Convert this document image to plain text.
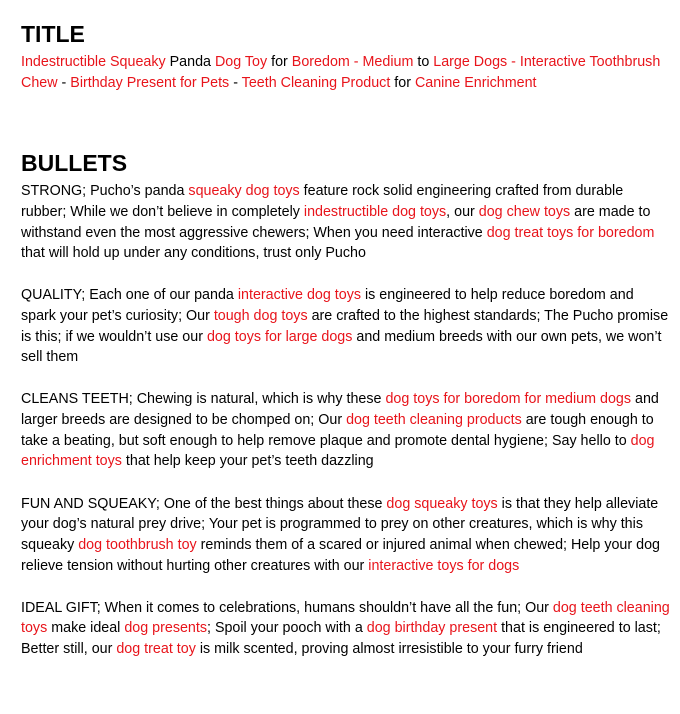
TITLE

Indestructible Squeaky Panda Dog Toy for Boredom - Medium to Large Dogs - Interactive Toothbrush Chew - Birthday Present for Pets - Teeth Cleaning Product for Canine Enrichment

BULLETS
STRONG; Pucho’s panda squeaky dog toys feature rock solid engineering crafted from durable rubber; While we don’t believe in completely indestructible dog toys, our dog chew toys are made to withstand even the most aggressive chewers; When you need interactive dog treat toys for boredom that will hold up under any conditions, trust only Pucho
QUALITY; Each one of our panda interactive dog toys is engineered to help reduce boredom and spark your pet’s curiosity; Our tough dog toys are crafted to the highest standards; The Pucho promise is this; if we wouldn’t use our dog toys for large dogs and medium breeds with our own pets, we won’t sell them
CLEANS TEETH; Chewing is natural, which is why these dog toys for boredom for medium dogs and larger breeds are designed to be chomped on; Our dog teeth cleaning products are tough enough to take a beating, but soft enough to help remove plaque and promote dental hygiene; Say hello to dog enrichment toys that help keep your pet’s teeth dazzling
FUN AND SQUEAKY; One of the best things about these dog squeaky toys is that they help alleviate your dog’s natural prey drive; Your pet is programmed to prey on other creatures, which is why this squeaky dog toothbrush toy reminds them of a scared or injured animal when chewed; Help your dog relieve tension without hurting other creatures with our interactive toys for dogs
IDEAL GIFT; When it comes to celebrations, humans shouldn’t have all the fun; Our dog teeth cleaning toys make ideal dog presents; Spoil your pooch with a dog birthday present that is engineered to last; Better still, our dog treat toy is milk scented, proving almost irresistible to your furry friend
